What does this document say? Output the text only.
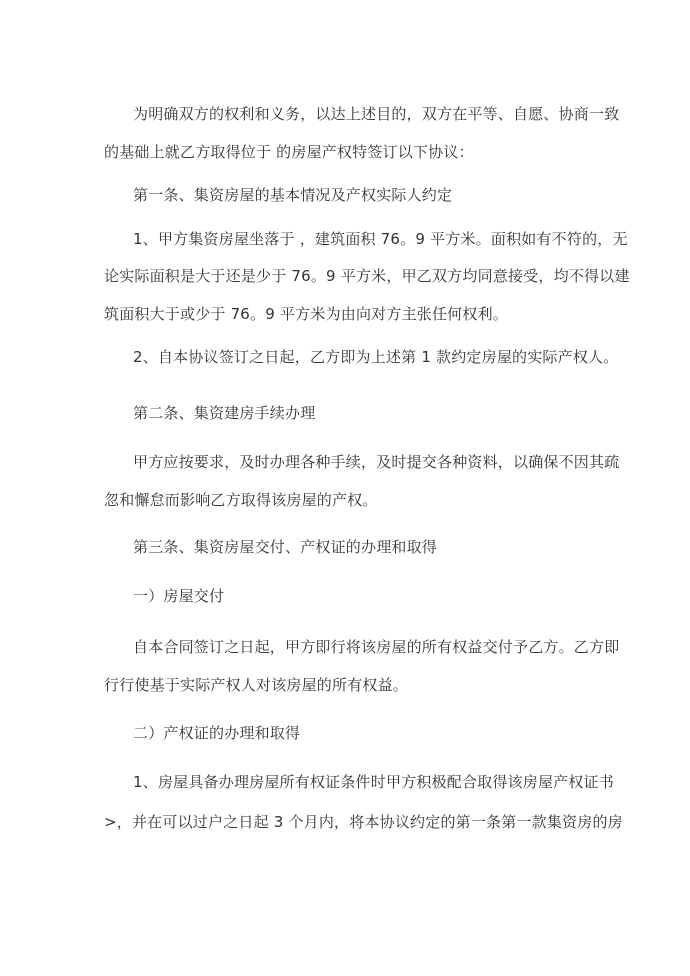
为明确双方的权利和义务，以达上述目的，双方在平等、自愿、协商一致
的基础上就乙方取得位于 的房屋产权特签订以下协议：
第一条、集资房屋的基本情况及产权实际人约定
1、甲方集资房屋坐落于 ，建筑面积 76。9 平方米。面积如有不符的，无
论实际面积是大于还是少于 76。9 平方米，甲乙双方均同意接受，均不得以建
筑面积大于或少于 76。9 平方米为由向对方主张任何权利。
2、自本协议签订之日起，乙方即为上述第 1 款约定房屋的实际产权人。
第二条、集资建房手续办理
甲方应按要求，及时办理各种手续，及时提交各种资料，以确保不因其疏
忽和懈怠而影响乙方取得该房屋的产权。
第三条、集资房屋交付、产权证的办理和取得
一）房屋交付
自本合同签订之日起，甲方即行将该房屋的所有权益交付予乙方。乙方即
行行使基于实际产权人对该房屋的所有权益。
二）产权证的办理和取得
1、房屋具备办理房屋所有权证条件时甲方积极配合取得该房屋产权证书
>，并在可以过户之日起 3 个月内，将本协议约定的第一条第一款集资房的房
